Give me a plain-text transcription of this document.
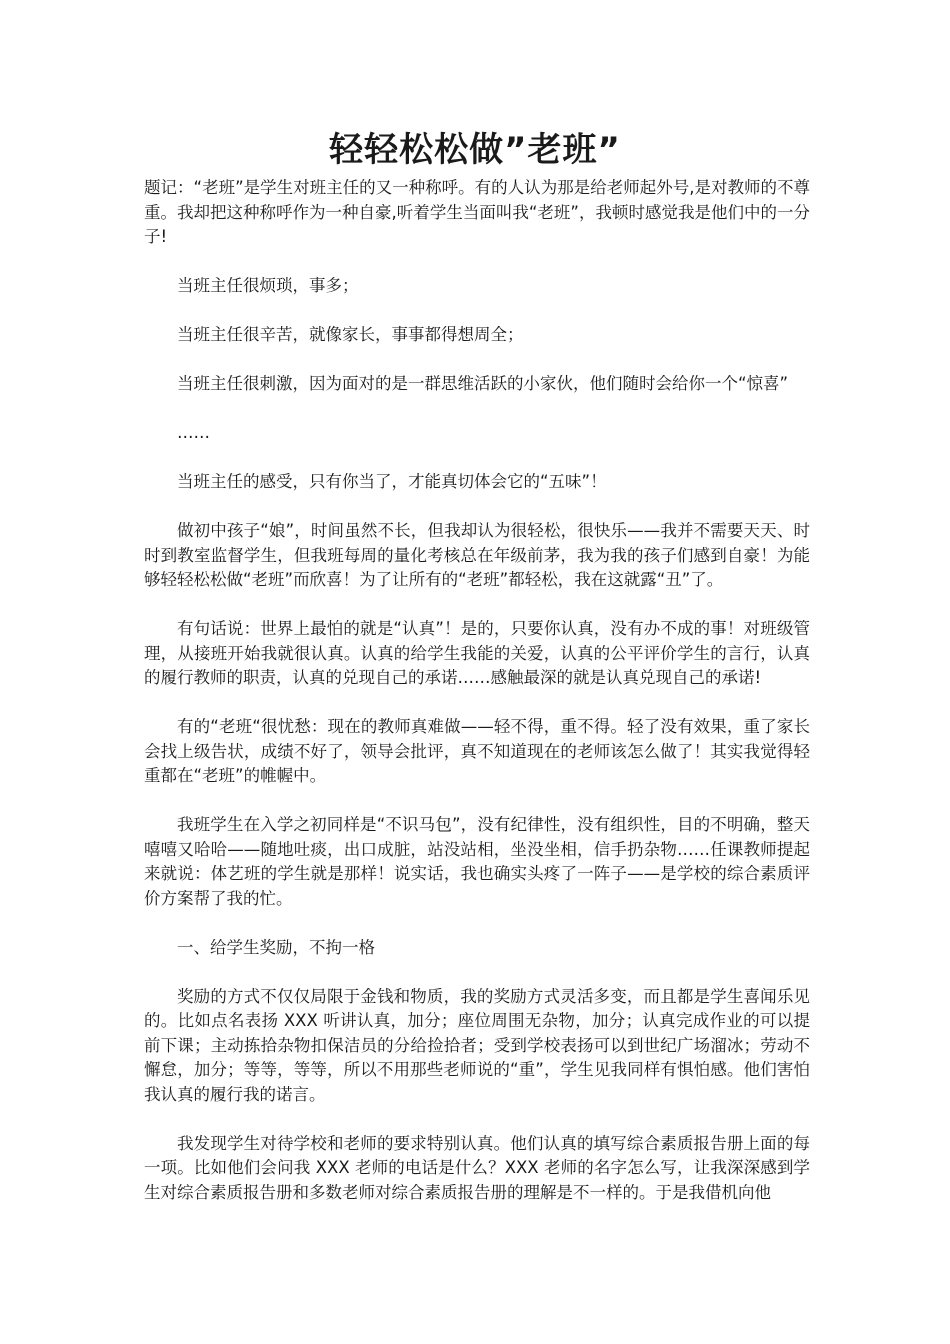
轻轻松松做”老班”

题记：“老班”是学生对班主任的又一种称呼。有的人认为那是给老师起外号,是对教师的不尊重。我却把这种称呼作为一种自豪,听着学生当面叫我“老班”，我顿时感觉我是他们中的一分子!

当班主任很烦琐，事多；

当班主任很辛苦，就像家长，事事都得想周全；

当班主任很刺激，因为面对的是一群思维活跃的小家伙，他们随时会给你一个“惊喜”

……

当班主任的感受，只有你当了，才能真切体会它的“五味”！

做初中孩子“娘”，时间虽然不长，但我却认为很轻松，很快乐——我并不需要天天、时时到教室监督学生，但我班每周的量化考核总在年级前茅，我为我的孩子们感到自豪！为能够轻轻松松做“老班”而欣喜！为了让所有的“老班”都轻松，我在这就露“丑”了。

有句话说：世界上最怕的就是“认真”！是的，只要你认真，没有办不成的事！对班级管理，从接班开始我就很认真。认真的给学生我能的关爱，认真的公平评价学生的言行，认真的履行教师的职责，认真的兑现自己的承诺……感触最深的就是认真兑现自己的承诺!

有的“老班“很忧愁：现在的教师真难做——轻不得，重不得。轻了没有效果，重了家长会找上级告状，成绩不好了，领导会批评，真不知道现在的老师该怎么做了！其实我觉得轻重都在“老班”的帷幄中。

我班学生在入学之初同样是“不识马包”，没有纪律性，没有组织性，目的不明确，整天嘻嘻又哈哈——随地吐痰，出口成脏，站没站相，坐没坐相，信手扔杂物……任课教师提起来就说：体艺班的学生就是那样！说实话，我也确实头疼了一阵子——是学校的综合素质评价方案帮了我的忙。

一、给学生奖励，不拘一格

奖励的方式不仅仅局限于金钱和物质，我的奖励方式灵活多变，而且都是学生喜闻乐见的。比如点名表扬 XXX 听讲认真，加分；座位周围无杂物，加分；认真完成作业的可以提前下课；主动拣拾杂物扣保洁员的分给捡拾者；受到学校表扬可以到世纪广场溜冰；劳动不懈怠，加分；等等，等等，所以不用那些老师说的“重”，学生见我同样有惧怕感。他们害怕我认真的履行我的诺言。

我发现学生对待学校和老师的要求特别认真。他们认真的填写综合素质报告册上面的每一项。比如他们会问我 XXX 老师的电话是什么？XXX 老师的名字怎么写，让我深深感到学生对综合素质报告册和多数老师对综合素质报告册的理解是不一样的。于是我借机向他
